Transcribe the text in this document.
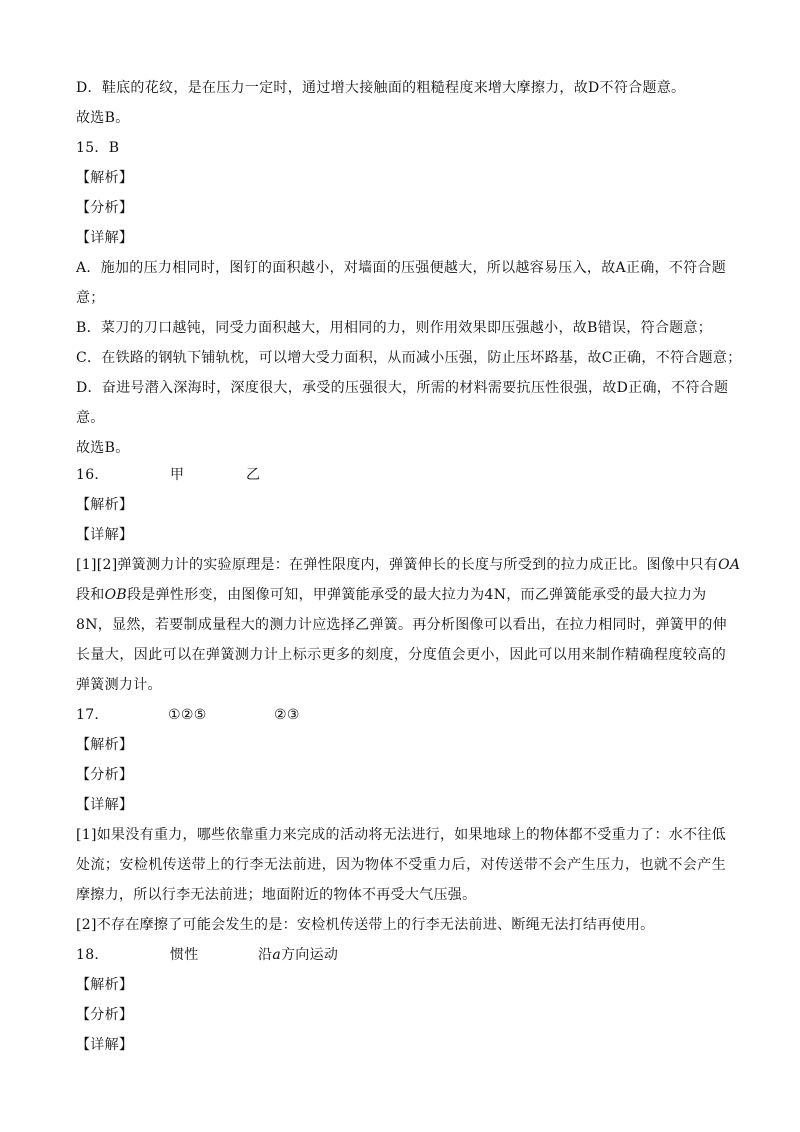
D．鞋底的花纹，是在压力一定时，通过增大接触面的粗糙程度来增大摩擦力，故D不符合题意。
故选B。
15．B
【解析】
【分析】
【详解】
A．施加的压力相同时，图钉的面积越小，对墙面的压强便越大，所以越容易压入，故A正确，不符合题
意；
B．菜刀的刀口越钝，同受力面积越大，用相同的力，则作用效果即压强越小，故B错误，符合题意；
C．在铁路的钢轨下铺轨枕，可以增大受力面积，从而减小压强，防止压坏路基，故C正确，不符合题意；
D．奋进号潜入深海时，深度很大，承受的压强很大，所需的材料需要抗压性很强，故D正确，不符合题
意。
故选B。
16．	甲	乙
【解析】
【详解】
[1][2]弹簧测力计的实验原理是：在弹性限度内，弹簧伸长的长度与所受到的拉力成正比。图像中只有OA
段和OB段是弹性形变，由图像可知，甲弹簧能承受的最大拉力为4N，而乙弹簧能承受的最大拉力为
8N，显然，若要制成量程大的测力计应选择乙弹簧。再分析图像可以看出，在拉力相同时，弹簧甲的伸
长量大，因此可以在弹簧测力计上标示更多的刻度，分度值会更小，因此可以用来制作精确程度较高的
弹簧测力计。
17．	①②⑤	②③
【解析】
【分析】
【详解】
[1]如果没有重力，哪些依靠重力来完成的活动将无法进行，如果地球上的物体都不受重力了：水不往低
处流；安检机传送带上的行李无法前进，因为物体不受重力后，对传送带不会产生压力，也就不会产生
摩擦力，所以行李无法前进；地面附近的物体不再受大气压强。
[2]不存在摩擦了可能会发生的是：安检机传送带上的行李无法前进、断绳无法打结再使用。
18．	惯性	沿a方向运动
【解析】
【分析】
【详解】
